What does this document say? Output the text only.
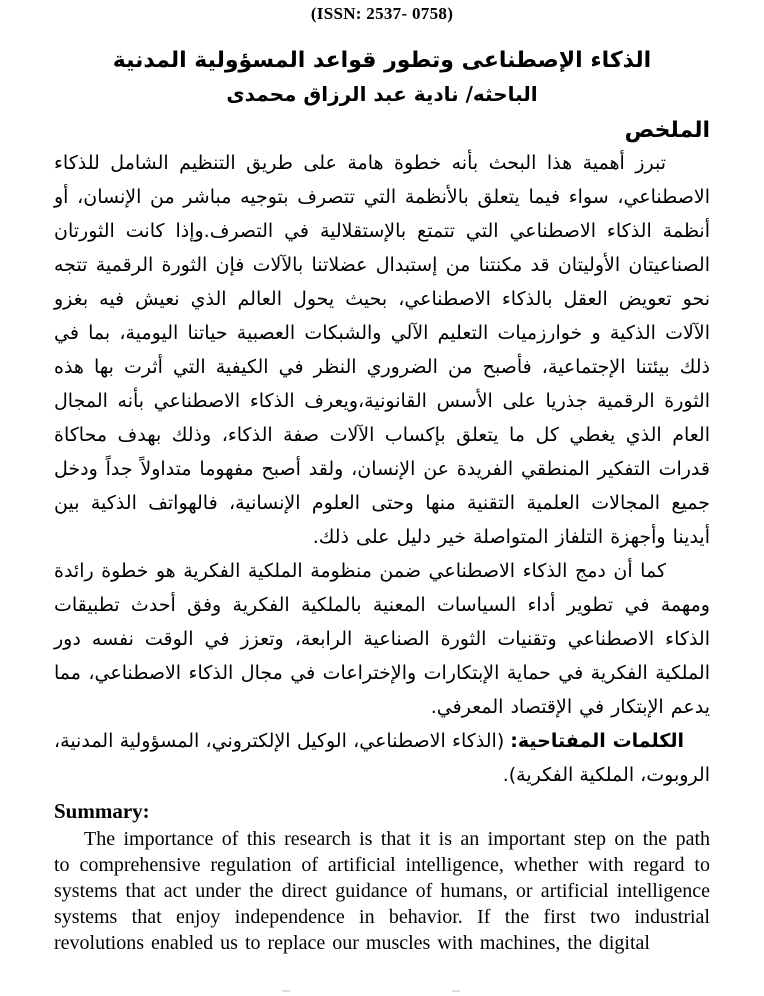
(ISSN: 2537- 0758)
الذكاء الإصطناعى وتطور قواعد المسؤولية المدنية
الباحثه/ نادية عبد الرزاق محمدى
الملخص

تبرز أهمية هذا البحث بأنه خطوة هامة على طريق التنظيم الشامل للذكاء الاصطناعي، سواء فيما يتعلق بالأنظمة التي تتصرف بتوجيه مباشر من الإنسان، أو أنظمة الذكاء الاصطناعي التي تتمتع بالإستقلالية في التصرف.وإذا كانت الثورتان الصناعيتان الأوليتان قد مكنتنا من إستبدال عضلاتنا بالآلات فإن الثورة الرقمية تتجه نحو تعويض العقل بالذكاء الاصطناعي، بحيث يحول العالم الذي نعيش فيه بغزو الآلات الذكية و خوارزميات التعليم الآلي والشبكات العصبية حياتنا اليومية، بما في ذلك بيئتنا الإجتماعية، فأصبح من الضروري النظر في الكيفية التي أثرت بها هذه الثورة الرقمية جذريا على الأسس القانونية،ويعرف الذكاء الاصطناعي بأنه المجال العام الذي يغطي كل ما يتعلق بإكساب الآلات صفة الذكاء، وذلك بهدف محاكاة قدرات التفكير المنطقي الفريدة عن الإنسان، ولقد أصبح مفهوما متداولاً جداً ودخل جميع المجالات العلمية التقنية منها وحتى العلوم الإنسانية، فالهواتف الذكية بين أيدينا وأجهزة التلفاز المتواصلة خير دليل على ذلك.

كما أن دمج الذكاء الاصطناعي ضمن منظومة الملكية الفكرية هو خطوة رائدة ومهمة في تطوير أداء السياسات المعنية بالملكية الفكرية وفق أحدث تطبيقات الذكاء الاصطناعي وتقنيات الثورة الصناعية الرابعة، وتعزز في الوقت نفسه دور الملكية الفكرية في حماية الإبتكارات والإختراعات في مجال الذكاء الاصطناعي، مما يدعم الإبتكار في الإقتصاد المعرفي.

الكلمات المفتاحية:(الذكاء الاصطناعي، الوكيل الإلكتروني، المسؤولية المدنية، الروبوت، الملكية الفكرية).

Summary:

The importance of this research is that it is an important step on the path to comprehensive regulation of artificial intelligence, whether with regard to systems that act under the direct guidance of humans, or artificial intelligence systems that enjoy independence in behavior. If the first two industrial revolutions enabled us to replace our muscles with machines, the digital
